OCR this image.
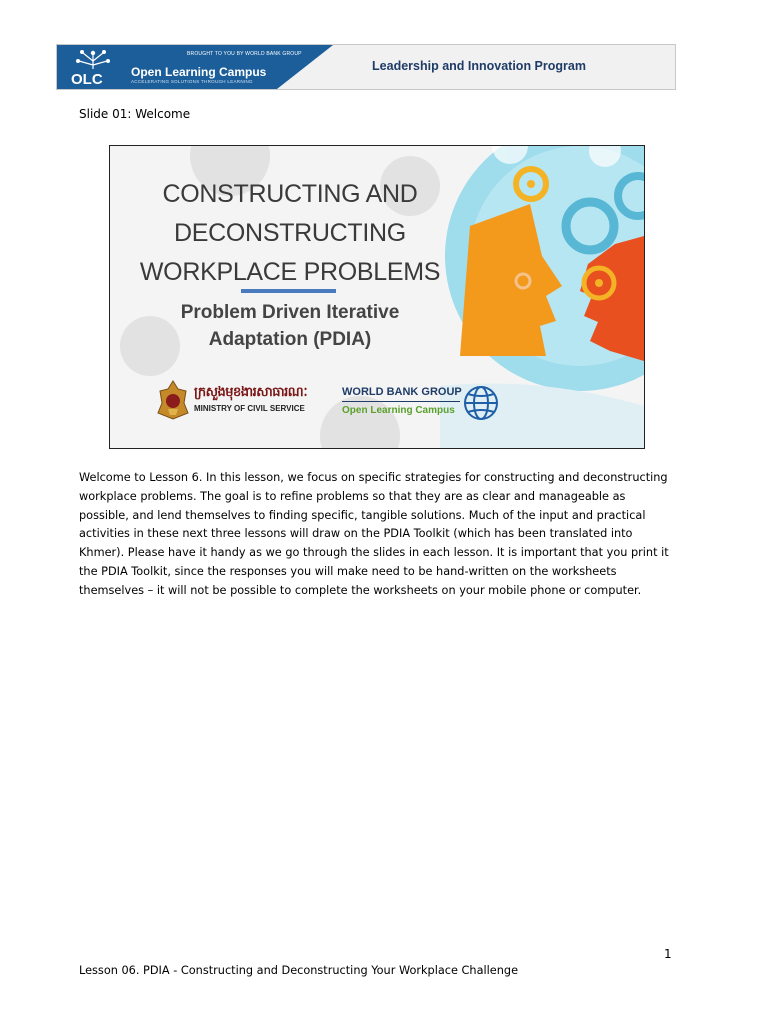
OLC
BROUGHT TO YOU BY WORLD BANK GROUP
Open Learning Campus
ACCELERATING SOLUTIONS THROUGH LEARNING
Leadership and Innovation Program
Slide 01: Welcome
CONSTRUCTING AND
DECONSTRUCTING
WORKPLACE PROBLEMS
Problem Driven Iterative
Adaptation (PDIA)
ក្រសួងមុខងារសាធារណៈ
MINISTRY OF CIVIL SERVICE
WORLD BANK GROUP
Open Learning Campus
Welcome to Lesson 6. In this lesson, we focus on specific strategies for constructing and deconstructing
workplace problems. The goal is to refine problems so that they are as clear and manageable as
possible, and lend themselves to finding specific, tangible solutions. Much of the input and practical
activities in these next three lessons will draw on the PDIA Toolkit (which has been translated into
Khmer). Please have it handy as we go through the slides in each lesson. It is important that you print it
the PDIA Toolkit, since the responses you will make need to be hand-written on the worksheets
themselves – it will not be possible to complete the worksheets on your mobile phone or computer.
1
Lesson 06. PDIA - Constructing and Deconstructing Your Workplace Challenge
